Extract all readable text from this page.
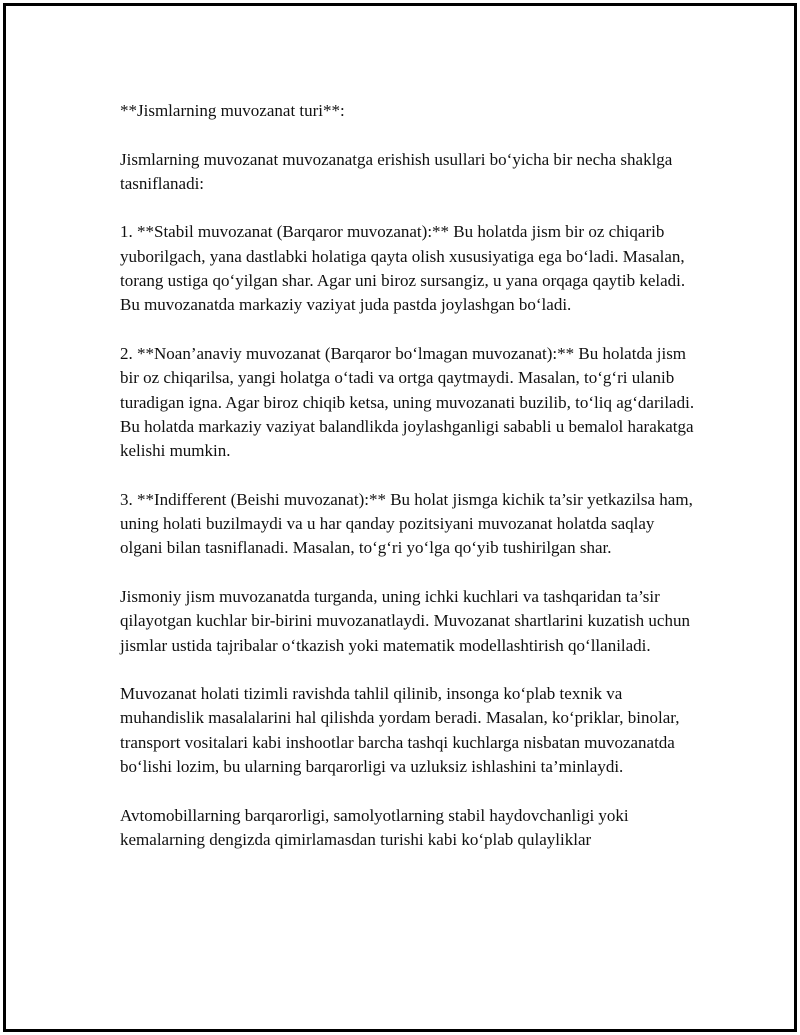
**Jismlarning muvozanat turi**:

Jismlarning muvozanat muvozanatga erishish usullari bo‘yicha bir necha shaklga tasniflanadi:

1. **Stabil muvozanat (Barqaror muvozanat):** Bu holatda jism bir oz chiqarib yuborilgach, yana dastlabki holatiga qayta olish xususiyatiga ega bo‘ladi. Masalan, torang ustiga qo‘yilgan shar. Agar uni biroz sursangiz, u yana orqaga qaytib keladi. Bu muvozanatda markaziy vaziyat juda pastda joylashgan bo‘ladi.

2. **Noan’anaviy muvozanat (Barqaror bo‘lmagan muvozanat):** Bu holatda jism bir oz chiqarilsa, yangi holatga o‘tadi va ortga qaytmaydi. Masalan, to‘g‘ri ulanib turadigan igna. Agar biroz chiqib ketsa, uning muvozanati buzilib, to‘liq ag‘dariladi. Bu holatda markaziy vaziyat balandlikda joylashganligi sababli u bemalol harakatga kelishi mumkin.

3. **Indifferent (Beishi muvozanat):** Bu holat jismga kichik ta’sir yetkazilsa ham, uning holati buzilmaydi va u har qanday pozitsiyani muvozanat holatda saqlay olgani bilan tasniflanadi. Masalan, to‘g‘ri yo‘lga qo‘yib tushirilgan shar.

Jismoniy jism muvozanatda turganda, uning ichki kuchlari va tashqaridan ta’sir qilayotgan kuchlar bir-birini muvozanatlaydi. Muvozanat shartlarini kuzatish uchun jismlar ustida tajribalar o‘tkazish yoki matematik modellashtirish qo‘llaniladi.

Muvozanat holati tizimli ravishda tahlil qilinib, insonga ko‘plab texnik va muhandislik masalalarini hal qilishda yordam beradi. Masalan, ko‘priklar, binolar, transport vositalari kabi inshootlar barcha tashqi kuchlarga nisbatan muvozanatda bo‘lishi lozim, bu ularning barqarorligi va uzluksiz ishlashini ta’minlaydi.

Avtomobillarning barqarorligi, samolyotlarning stabil haydovchanligi yoki kemalarning dengizda qimirlamasdan turishi kabi ko‘plab qulayliklar
